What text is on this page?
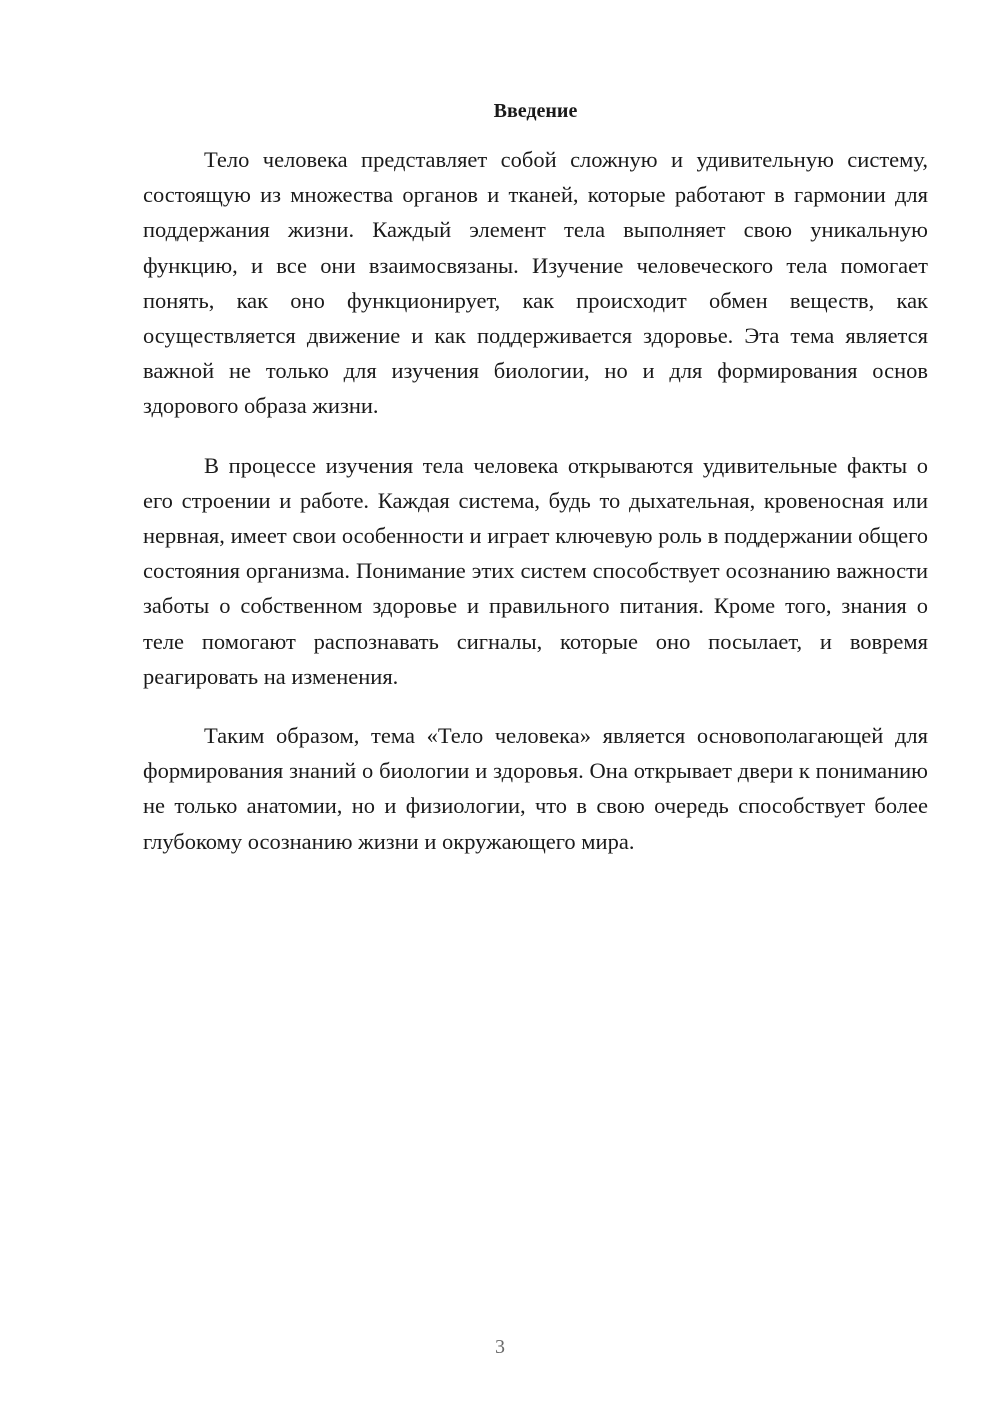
Введение

Тело человека представляет собой сложную и удивительную систему, состоящую из множества органов и тканей, которые работают в гармонии для поддержания жизни. Каждый элемент тела выполняет свою уникальную функцию, и все они взаимосвязаны. Изучение человеческого тела помогает понять, как оно функционирует, как происходит обмен веществ, как осуществляется движение и как поддерживается здоровье. Эта тема является важной не только для изучения биологии, но и для формирования основ здорового образа жизни.

В процессе изучения тела человека открываются удивительные факты о его строении и работе. Каждая система, будь то дыхательная, кровеносная или нервная, имеет свои особенности и играет ключевую роль в поддержании общего состояния организма. Понимание этих систем способствует осознанию важности заботы о собственном здоровье и правильного питания. Кроме того, знания о теле помогают распознавать сигналы, которые оно посылает, и вовремя реагировать на изменения.

Таким образом, тема «Тело человека» является основополагающей для формирования знаний о биологии и здоровья. Она открывает двери к пониманию не только анатомии, но и физиологии, что в свою очередь способствует более глубокому осознанию жизни и окружающего мира.

3
